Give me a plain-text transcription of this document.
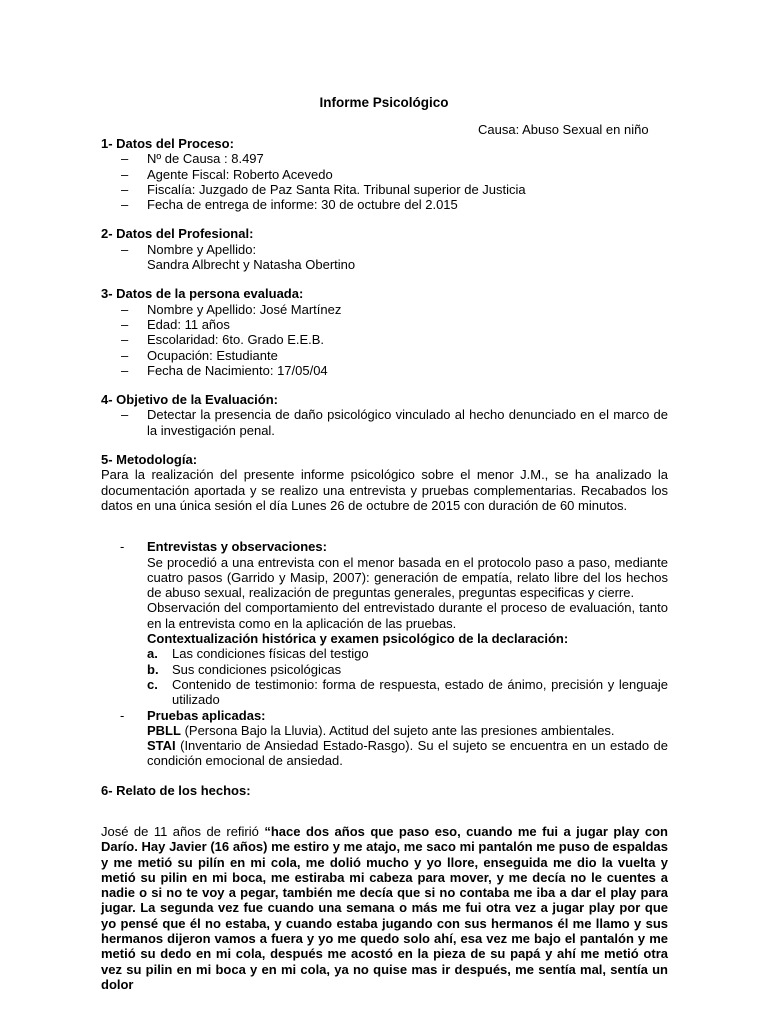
Informe Psicológico
Causa: Abuso Sexual en niño
1- Datos del Proceso:
–	Nº de Causa : 8.497
–	Agente Fiscal: Roberto Acevedo
–	Fiscalía: Juzgado de Paz Santa Rita. Tribunal superior de Justicia
–	Fecha de entrega de informe: 30 de octubre del 2.015
2- Datos del Profesional:
–	Nombre y Apellido:
Sandra Albrecht y Natasha Obertino
3- Datos de la persona evaluada:
–	Nombre y Apellido: José Martínez
–	Edad: 11 años
–	Escolaridad: 6to. Grado E.E.B.
–	Ocupación: Estudiante
–	Fecha de Nacimiento: 17/05/04
4- Objetivo de la Evaluación:
–	Detectar la presencia de daño psicológico vinculado al hecho denunciado en el marco de la investigación penal.
5- Metodología:
Para la realización del presente informe psicológico sobre el menor J.M., se ha analizado la documentación aportada y se realizo una entrevista y pruebas complementarias. Recabados los datos en una única sesión el día Lunes 26 de octubre de 2015 con duración de 60 minutos.
-	Entrevistas y observaciones:
Se procedió a una entrevista con el menor basada en el protocolo paso a paso, mediante cuatro pasos (Garrido y Masip, 2007): generación de empatía, relato libre del los hechos de abuso sexual, realización de preguntas generales, preguntas especificas y cierre.
Observación del comportamiento del entrevistado durante el proceso de evaluación, tanto en la entrevista como en la aplicación de las pruebas.
Contextualización histórica y examen psicológico de la declaración:
a.	Las condiciones físicas del testigo
b.	Sus condiciones psicológicas
c.	Contenido de testimonio: forma de respuesta, estado de ánimo, precisión y lenguaje utilizado
-	Pruebas aplicadas:
PBLL (Persona Bajo la Lluvia). Actitud del sujeto ante las presiones ambientales.
STAI (Inventario de Ansiedad Estado-Rasgo). Su el sujeto se encuentra en un estado de condición emocional de ansiedad.
6- Relato de los hechos:
José de 11 años de refirió “hace dos años que paso eso, cuando me fui a jugar play con Darío. Hay Javier (16 años) me estiro y me atajo, me saco mi pantalón me puso de espaldas y me metió su pilín en mi cola, me dolió mucho y yo llore, enseguida me dio la vuelta y metió su pilin en mi boca, me estiraba mi cabeza para mover, y me decía no le cuentes a nadie o si no te voy a pegar, también me decía que si no contaba me iba a dar el play para jugar. La segunda vez fue cuando una semana o más me fui otra vez a jugar play por que yo pensé que él no estaba, y cuando estaba jugando con sus hermanos él me llamo y sus hermanos dijeron vamos a fuera y yo me quedo solo ahí, esa vez me bajo el pantalón y me metió su dedo en mi cola, después me acostó en la pieza de su papá y ahí me metió otra vez su pilin en mi boca y en mi cola, ya no quise mas ir después, me sentía mal, sentía un dolor
